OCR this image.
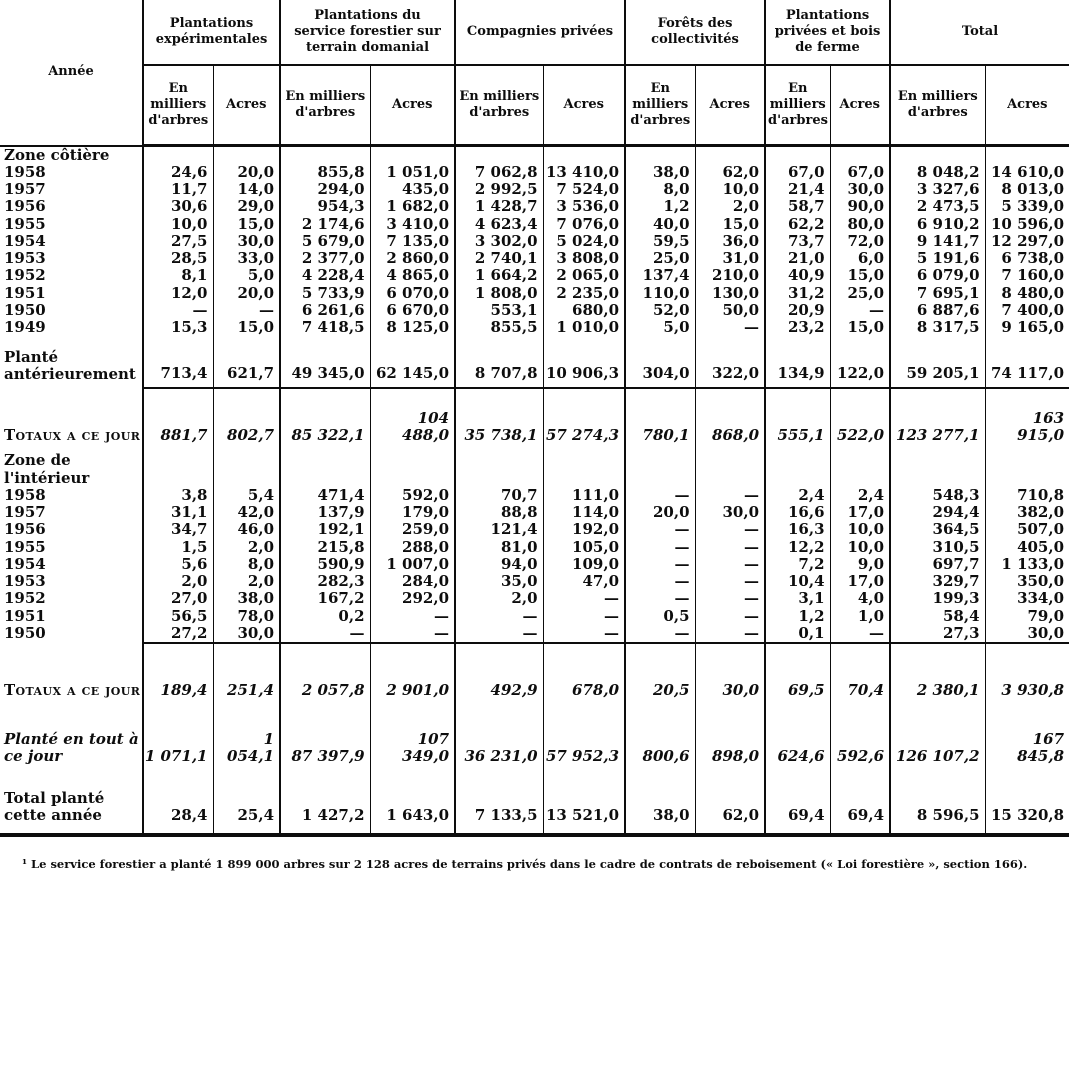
Année	Plantations expérimentales		Plantations du service forestier sur terrain domanial		Compagnies privées		Forêts des collectivités		Plantations privées et bois de ferme		Total	
	En milliers d'arbres	Acres	En milliers d'arbres	Acres	En milliers d'arbres	Acres	En milliers d'arbres	Acres	En milliers d'arbres	Acres	En milliers d'arbres	Acres
Zone côtière												
1958	24,6	20,0	855,8	1 051,0	7 062,8	13 410,0	38,0	62,0	67,0	67,0	8 048,2	14 610,0
1957	11,7	14,0	294,0	435,0	2 992,5	7 524,0	8,0	10,0	21,4	30,0	3 327,6	8 013,0
1956	30,6	29,0	954,3	1 682,0	1 428,7	3 536,0	1,2	2,0	58,7	90,0	2 473,5	5 339,0
1955	10,0	15,0	2 174,6	3 410,0	4 623,4	7 076,0	40,0	15,0	62,2	80,0	6 910,2	10 596,0
1954	27,5	30,0	5 679,0	7 135,0	3 302,0	5 024,0	59,5	36,0	73,7	72,0	9 141,7	12 297,0
1953	28,5	33,0	2 377,0	2 860,0	2 740,1	3 808,0	25,0	31,0	21,0	6,0	5 191,6	6 738,0
1952	8,1	5,0	4 228,4	4 865,0	1 664,2	2 065,0	137,4	210,0	40,9	15,0	6 079,0	7 160,0
1951	12,0	20,0	5 733,9	6 070,0	1 808,0	2 235,0	110,0	130,0	31,2	25,0	7 695,1	8 480,0
1950	—	—	6 261,6	6 670,0	553,1	680,0	52,0	50,0	20,9	—	6 887,6	7 400,0
1949	15,3	15,0	7 418,5	8 125,0	855,5	1 010,0	5,0	—	23,2	15,0	8 317,5	9 165,0
Planté antérieurement	713,4	621,7	49 345,0	62 145,0	8 707,8	10 906,3	304,0	322,0	134,9	122,0	59 205,1	74 117,0
Totaux a ce jour	881,7	802,7	85 322,1	104 488,0	35 738,1	57 274,3	780,1	868,0	555,1	522,0	123 277,1	163 915,0
Zone de l'intérieur												
1958	3,8	5,4	471,4	592,0	70,7	111,0	—	—	2,4	2,4	548,3	710,8
1957	31,1	42,0	137,9	179,0	88,8	114,0	20,0	30,0	16,6	17,0	294,4	382,0
1956	34,7	46,0	192,1	259,0	121,4	192,0	—	—	16,3	10,0	364,5	507,0
1955	1,5	2,0	215,8	288,0	81,0	105,0	—	—	12,2	10,0	310,5	405,0
1954	5,6	8,0	590,9	1 007,0	94,0	109,0	—	—	7,2	9,0	697,7	1 133,0
1953	2,0	2,0	282,3	284,0	35,0	47,0	—	—	10,4	17,0	329,7	350,0
1952	27,0	38,0	167,2	292,0	2,0	—	—	—	3,1	4,0	199,3	334,0
1951	56,5	78,0	0,2	—	—	—	0,5	—	1,2	1,0	58,4	79,0
1950	27,2	30,0	—	—	—	—	—	—	0,1	—	27,3	30,0
Totaux a ce jour	189,4	251,4	2 057,8	2 901,0	492,9	678,0	20,5	30,0	69,5	70,4	2 380,1	3 930,8
Planté en tout à ce jour	1 071,1	1 054,1	87 397,9	107 349,0	36 231,0	57 952,3	800,6	898,0	624,6	592,6	126 107,2	167 845,8
Total planté cette année	28,4	25,4	1 427,2	1 643,0	7 133,5	13 521,0	38,0	62,0	69,4	69,4	8 596,5	15 320,8

¹ Le service forestier a planté 1 899 000 arbres sur 2 128 acres de terrains privés dans le cadre de contrats de reboisement (« Loi forestière », section 166).
